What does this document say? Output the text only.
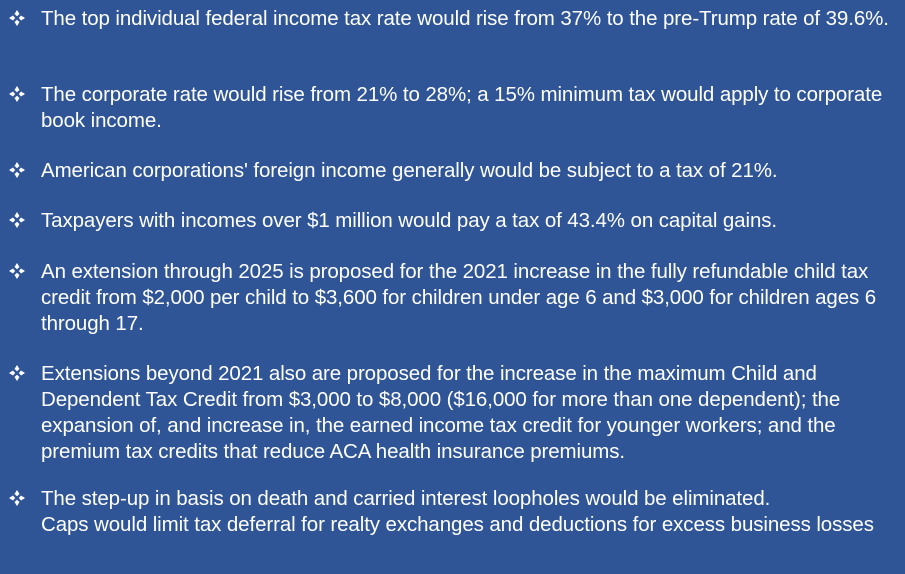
The top individual federal income tax rate would rise from 37% to the pre-Trump rate of 39.6%.
The corporate rate would rise from 21% to 28%; a 15% minimum tax would apply to corporate book income.
American corporations' foreign income generally would be subject to a tax of 21%.
Taxpayers with incomes over $1 million would pay a tax of 43.4% on capital gains.
An extension through 2025 is proposed for the 2021 increase in the fully refundable child tax credit from $2,000 per child to $3,600 for children under age 6 and $3,000 for children ages 6 through 17.
Extensions beyond 2021 also are proposed for the increase in the maximum Child and Dependent Tax Credit from $3,000 to $8,000 ($16,000 for more than one dependent); the expansion of, and increase in, the earned income tax credit for younger workers; and the premium tax credits that reduce ACA health insurance premiums.
The step-up in basis on death and carried interest loopholes would be eliminated.
Caps would limit tax deferral for realty exchanges and deductions for excess business losses
